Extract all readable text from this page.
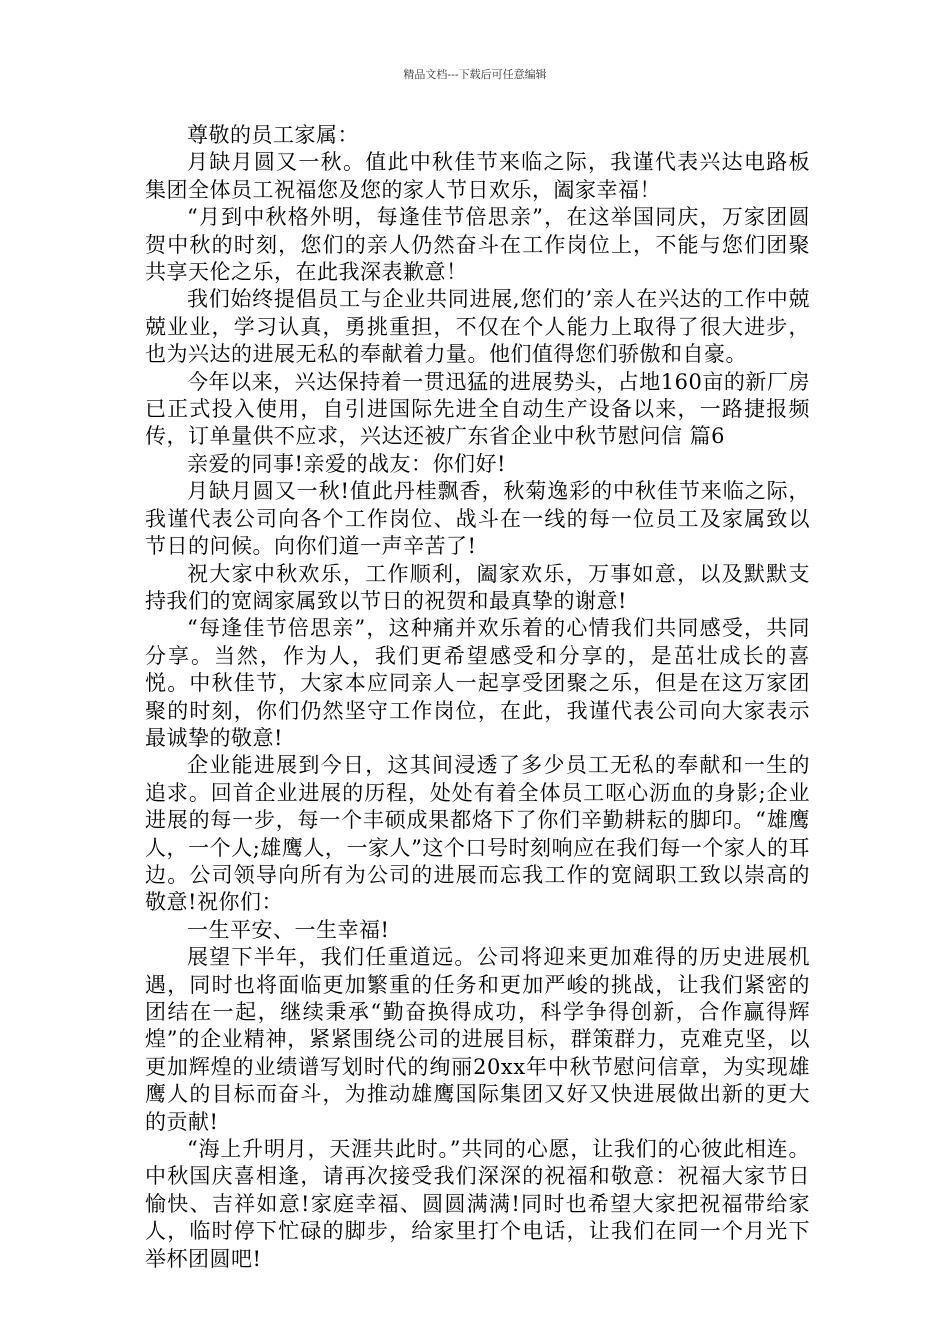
精品文档---下载后可任意编辑

尊敬的员工家属：

月缺月圆又一秋。值此中秋佳节来临之际，我谨代表兴达电路板集团全体员工祝福您及您的家人节日欢乐，阖家幸福！

“月到中秋格外明，每逢佳节倍思亲”，在这举国同庆，万家团圆贺中秋的时刻，您们的亲人仍然奋斗在工作岗位上，不能与您们团聚共享天伦之乐，在此我深表歉意！

我们始终提倡员工与企业共同进展,您们的’亲人在兴达的工作中兢兢业业，学习认真，勇挑重担，不仅在个人能力上取得了很大进步，也为兴达的进展无私的奉献着力量。他们值得您们骄傲和自豪。

今年以来，兴达保持着一贯迅猛的进展势头，占地160亩的新厂房已正式投入使用，自引进国际先进全自动生产设备以来，一路捷报频传，订单量供不应求，兴达还被广东省企业中秋节慰问信 篇6

亲爱的同事!亲爱的战友：你们好!

月缺月圆又一秋!值此丹桂飘香，秋菊逸彩的中秋佳节来临之际，我谨代表公司向各个工作岗位、战斗在一线的每一位员工及家属致以节日的问候。向你们道一声辛苦了!

祝大家中秋欢乐，工作顺利，阖家欢乐，万事如意，以及默默支持我们的宽阔家属致以节日的祝贺和最真挚的谢意!

“每逢佳节倍思亲”，这种痛并欢乐着的心情我们共同感受，共同分享。当然，作为人，我们更希望感受和分享的，是茁壮成长的喜悦。中秋佳节，大家本应同亲人一起享受团聚之乐，但是在这万家团聚的时刻，你们仍然坚守工作岗位，在此，我谨代表公司向大家表示最诚挚的敬意!

企业能进展到今日，这其间浸透了多少员工无私的奉献和一生的追求。回首企业进展的历程，处处有着全体员工呕心沥血的身影;企业进展的每一步，每一个丰硕成果都烙下了你们辛勤耕耘的脚印。“雄鹰人，一个人;雄鹰人，一家人”这个口号时刻响应在我们每一个家人的耳边。公司领导向所有为公司的进展而忘我工作的宽阔职工致以崇高的敬意!祝你们：

一生平安、一生幸福!

展望下半年，我们任重道远。公司将迎来更加难得的历史进展机遇，同时也将面临更加繁重的任务和更加严峻的挑战，让我们紧密的团结在一起，继续秉承“勤奋换得成功，科学争得创新，合作赢得辉煌”的企业精神，紧紧围绕公司的进展目标，群策群力，克难克坚，以更加辉煌的业绩谱写划时代的绚丽20xx年中秋节慰问信章，为实现雄鹰人的目标而奋斗，为推动雄鹰国际集团又好又快进展做出新的更大的贡献!

“海上升明月，天涯共此时。”共同的心愿，让我们的心彼此相连。中秋国庆喜相逢，请再次接受我们深深的祝福和敬意：祝福大家节日愉快、吉祥如意!家庭幸福、圆圆满满!同时也希望大家把祝福带给家人，临时停下忙碌的脚步，给家里打个电话，让我们在同一个月光下举杯团圆吧!
